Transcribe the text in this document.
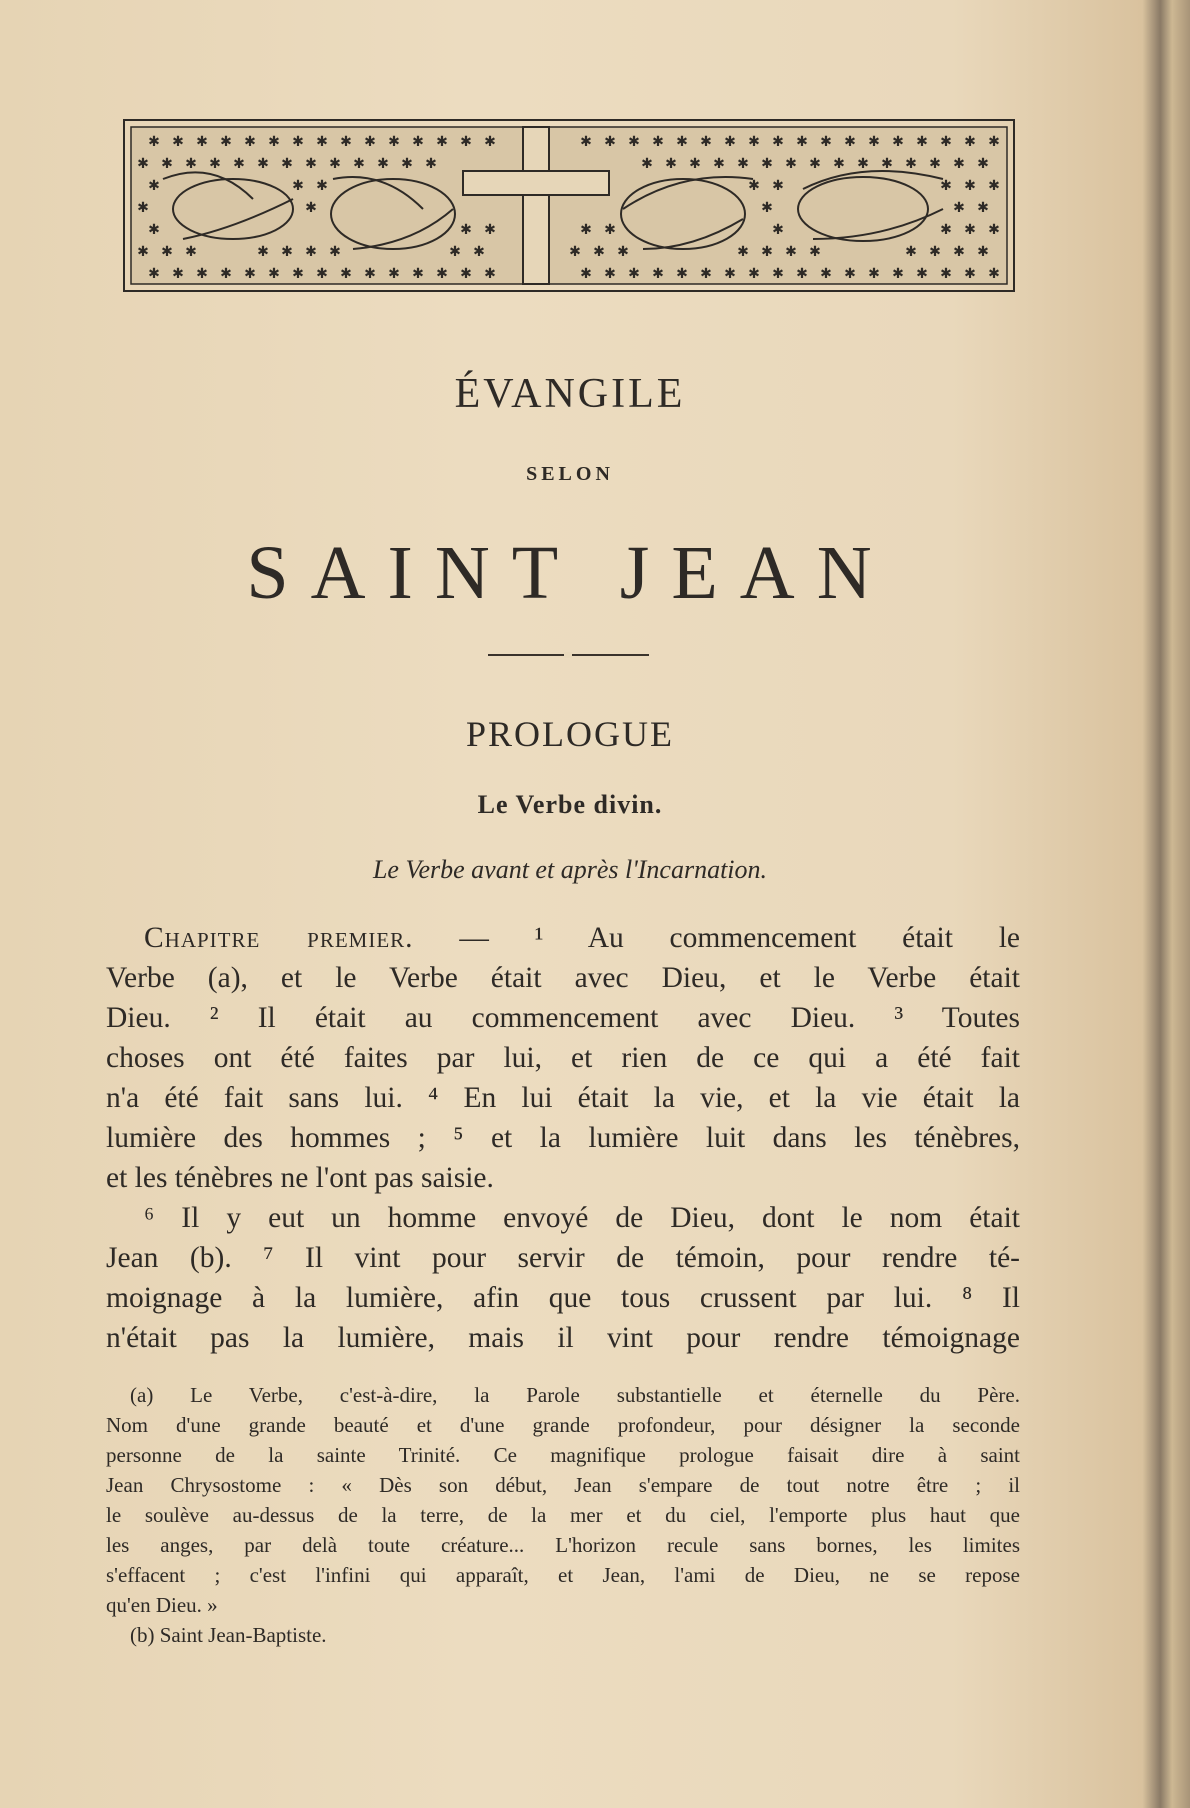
✱ ✱ ✱ ✱ ✱ ✱ ✱ ✱ ✱ ✱ ✱ ✱ ✱ ✱ ✱	✱ ✱ ✱ ✱ ✱ ✱ ✱ ✱ ✱ ✱ ✱ ✱ ✱ ✱ ✱ ✱ ✱ ✱
✱ ✱ ✱ ✱ ✱ ✱ ✱ ✱ ✱ ✱ ✱ ✱ ✱	✱ ✱ ✱ ✱ ✱ ✱ ✱ ✱ ✱ ✱ ✱ ✱ ✱ ✱ ✱
✱	✱ ✱	✱ ✱	✱ ✱ ✱
✱	✱	✱	✱ ✱
✱	✱ ✱	✱ ✱	✱	✱ ✱ ✱
✱ ✱ ✱	✱ ✱ ✱ ✱	✱ ✱	✱ ✱ ✱	✱ ✱ ✱ ✱	✱ ✱ ✱ ✱
✱ ✱ ✱ ✱ ✱ ✱ ✱ ✱ ✱ ✱ ✱ ✱ ✱ ✱ ✱	✱ ✱ ✱ ✱ ✱ ✱ ✱ ✱ ✱ ✱ ✱ ✱ ✱ ✱ ✱ ✱ ✱ ✱
ÉVANGILE
SELON
SAINT JEAN
PROLOGUE
Le Verbe divin.
Le Verbe avant et après l'Incarnation.
Chapitre premier. — ¹ Au commencement était le
Verbe (a), et le Verbe était avec Dieu, et le Verbe était
Dieu. ² Il était au commencement avec Dieu. ³ Toutes
choses ont été faites par lui, et rien de ce qui a été fait
n'a été fait sans lui. ⁴ En lui était la vie, et la vie était la
lumière des hommes ; ⁵ et la lumière luit dans les ténèbres,
et les ténèbres ne l'ont pas saisie.
⁶ Il y eut un homme envoyé de Dieu, dont le nom était
Jean (b). ⁷ Il vint pour servir de témoin, pour rendre té-
moignage à la lumière, afin que tous crussent par lui. ⁸ Il
n'était pas la lumière, mais il vint pour rendre témoignage
(a) Le Verbe, c'est-à-dire, la Parole substantielle et éternelle du Père.
Nom d'une grande beauté et d'une grande profondeur, pour désigner la seconde
personne de la sainte Trinité. Ce magnifique prologue faisait dire à saint
Jean Chrysostome : « Dès son début, Jean s'empare de tout notre être ; il
le soulève au-dessus de la terre, de la mer et du ciel, l'emporte plus haut que
les anges, par delà toute créature... L'horizon recule sans bornes, les limites
s'effacent ; c'est l'infini qui apparaît, et Jean, l'ami de Dieu, ne se repose
qu'en Dieu. »
(b) Saint Jean-Baptiste.
